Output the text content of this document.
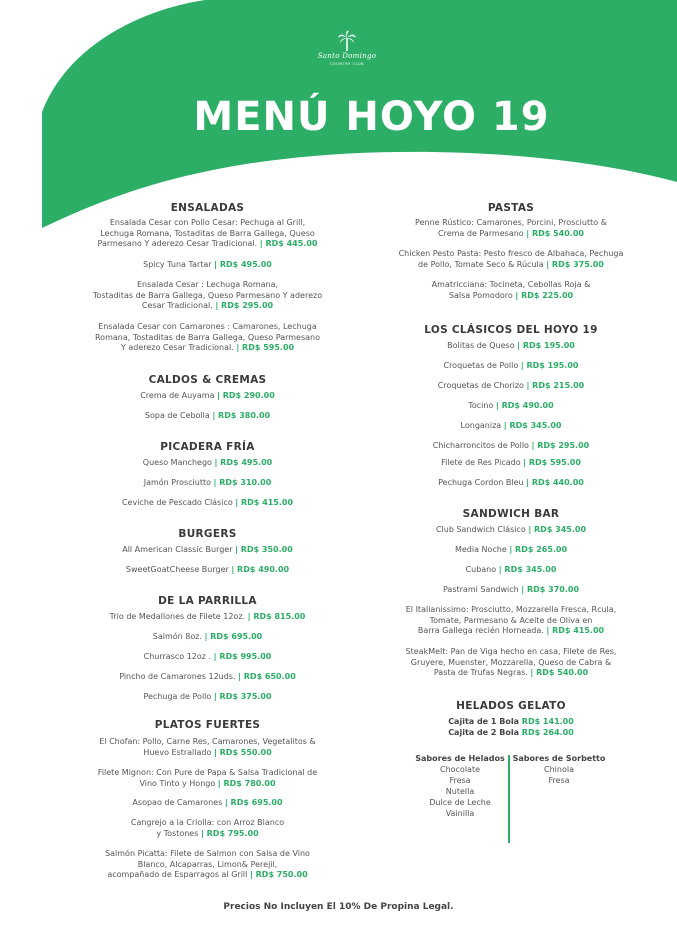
Santo Domingo
COUNTRY CLUB
MENÚ HOYO 19
ENSALADAS
Ensalada Cesar con Pollo Cesar: Pechuga al Grill,
Lechuga Romana, Tostaditas de Barra Gallega, Queso
Parmesano Y aderezo Cesar Tradicional. | RD$ 445.00
Spicy Tuna Tartar | RD$ 495.00
Ensalada Cesar : Lechuga Romana,
Tostaditas de Barra Gallega, Queso Parmesano Y aderezo
Cesar Tradicional. | RD$ 295.00
Ensalada Cesar con Camarones : Camarones, Lechuga
Romana, Tostaditas de Barra Gallega, Queso Parmesano
Y aderezo Cesar Tradicional. | RD$ 595.00
CALDOS & CREMAS
Crema de Auyama | RD$ 290.00
Sopa de Cebolla | RD$ 380.00
PICADERA FRÍA
Queso Manchego | RD$ 495.00
Jamón Prosciutto | RD$ 310.00
Ceviche de Pescado Clásico | RD$ 415.00
BURGERS
All American Classic Burger | RD$ 350.00
SweetGoatCheese Burger | RD$ 490.00
DE LA PARRILLA
Trio de Medallones de Filete 12oz. | RD$ 815.00
Salmón 8oz. | RD$ 695.00
Churrasco 12oz . | RD$ 995.00
Pincho de Camarones 12uds. | RD$ 650.00
Pechuga de Pollo | RD$ 375.00
PLATOS FUERTES
El Chofan: Pollo, Carne Res, Camarones, Vegetalitos &
Huevo Estrallado | RD$ 550.00
Filete Mignon: Con Pure de Papa & Salsa Tradicional de
Vino Tinto y Hongo | RD$ 780.00
Asopao de Camarones | RD$ 695.00
Cangrejo a la Criolla: con Arroz Blanco
y Tostones | RD$ 795.00
Salmón Picatta: Filete de Salmon con Salsa de Vino
Blanco, Alcaparras, Limon& Perejil,
acompañado de Esparragos al Grill | RD$ 750.00
PASTAS
Penne Rústico: Camarones, Porcini, Prosciutto &
Crema de Parmesano | RD$ 540.00
Chicken Pesto Pasta: Pesto fresco de Albahaca, Pechuga
de Pollo, Tomate Seco & Rúcula | RD$ 375.00
Amatricciana: Tocineta, Cebollas Roja &
Salsa Pomodoro | RD$ 225.00
LOS CLÁSICOS DEL HOYO 19
Bolitas de Queso | RD$ 195.00
Croquetas de Pollo | RD$ 195.00
Croquetas de Chorizo | RD$ 215.00
Tocino | RD$ 490.00
Longaniza | RD$ 345.00
Chicharroncitos de Pollo | RD$ 295.00
Filete de Res Picado | RD$ 595.00
Pechuga Cordon Bleu | RD$ 440.00
SANDWICH BAR
Club Sandwich Clásico | RD$ 345.00
Media Noche | RD$ 265.00
Cubano | RD$ 345.00
Pastrami Sandwich | RD$ 370.00
El Italianissimo: Prosciutto, Mozzarella Fresca, Rcula,
Tomate, Parmesano & Aceite de Oliva en
Barra Gallega recién Horneada. | RD$ 415.00
SteakMelt: Pan de Viga hecho en casa, Filete de Res,
Gruyere, Muenster, Mozzarella, Queso de Cabra &
Pasta de Trufas Negras. | RD$ 540.00
HELADOS GELATO
Cajita de 1 Bola RD$ 141.00
Cajita de 2 Bola RD$ 264.00
Sabores de Helados
Chocolate
Fresa
Nutella
Dulce de Leche
Vainilla
Sabores de Sorbetto
Chinola
Fresa
Precios No Incluyen El 10% De Propina Legal.
